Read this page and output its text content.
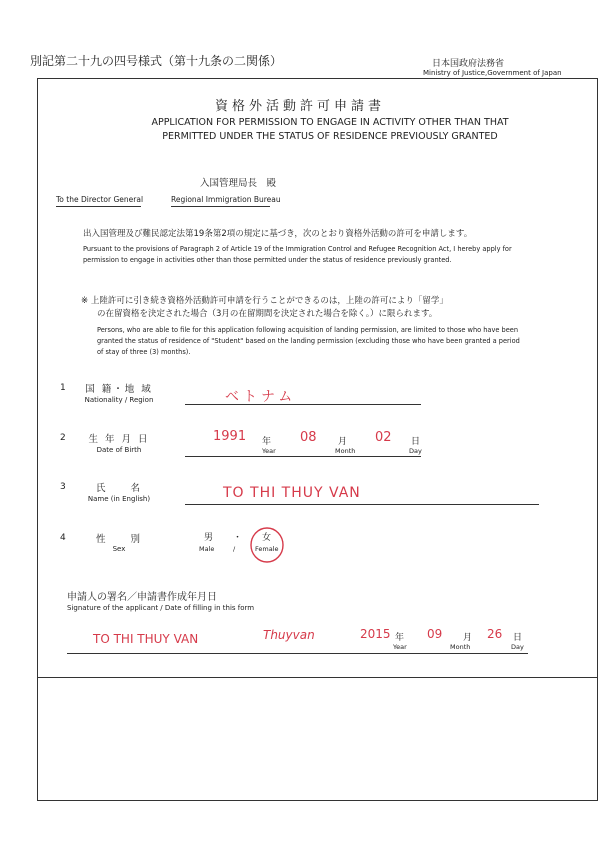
別記第二十九の四号様式（第十九条の二関係）	日本国政府法務省
Ministry of Justice,Government of Japan
資格外活動許可申請書
APPLICATION FOR PERMISSION TO ENGAGE IN ACTIVITY OTHER THAN THAT
PERMITTED UNDER THE STATUS OF RESIDENCE PREVIOUSLY GRANTED
入国管理局長　殿
To the Director General	Regional Immigration Bureau
出入国管理及び難民認定法第19条第2項の規定に基づき，次のとおり資格外活動の許可を申請します。
Pursuant to the provisions of Paragraph 2 of Article 19 of the Immigration Control and Refugee Recognition Act, I hereby apply for permission to engage in activities other than those permitted under the status of residence previously granted.
※ 上陸許可に引き続き資格外活動許可申請を行うことができるのは，上陸の許可により「留学」
の在留資格を決定された場合（3月の在留期間を決定された場合を除く。）に限られます。
Persons, who are able to file for this application following acquisition of landing permission, are limited to those who have been granted the status of residence of "Student" based on the landing permission (excluding those who have been granted a period of stay of three (3) months).
1	国 籍・地 域
Nationality / Region	ベトナム
2	生 年 月 日
Date of Birth
1991 年
Year
08 月
Month
02 日
Day
3	氏　　名
Name (in English)	TO THI THUY VAN
4	性　　別
Sex
男 ・ 女
Male	/	Female
申請人の署名／申請書作成年月日
Signature of the applicant / Date of filling in this form
TO THI THUY VAN	Thuyvan	2015 年
Year
09 月
Month
26 日
Day
